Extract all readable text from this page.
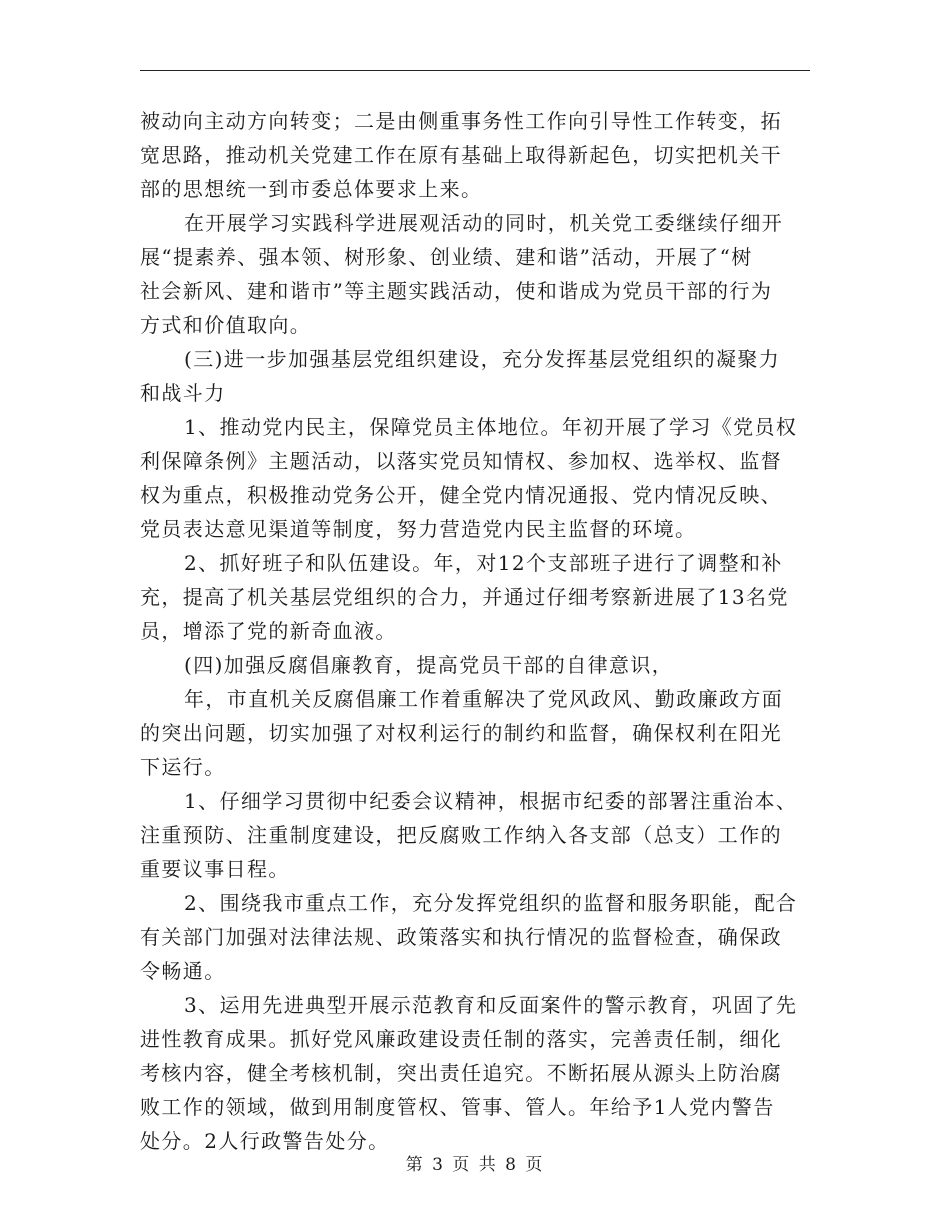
被动向主动方向转变；二是由侧重事务性工作向引导性工作转变，拓
宽思路，推动机关党建工作在原有基础上取得新起色，切实把机关干
部的思想统一到市委总体要求上来。
在开展学习实践科学进展观活动的同时，机关党工委继续仔细开
展“提素养、强本领、树形象、创业绩、建和谐”活动，开展了“树
社会新风、建和谐市”等主题实践活动，使和谐成为党员干部的行为
方式和价值取向。
(三)进一步加强基层党组织建设，充分发挥基层党组织的凝聚力
和战斗力
1、推动党内民主，保障党员主体地位。年初开展了学习《党员权
利保障条例》主题活动，以落实党员知情权、参加权、选举权、监督
权为重点，积极推动党务公开，健全党内情况通报、党内情况反映、
党员表达意见渠道等制度，努力营造党内民主监督的环境。
2、抓好班子和队伍建设。年，对12个支部班子进行了调整和补
充，提高了机关基层党组织的合力，并通过仔细考察新进展了13名党
员，增添了党的新奇血液。
(四)加强反腐倡廉教育，提高党员干部的自律意识，
年，市直机关反腐倡廉工作着重解决了党风政风、勤政廉政方面
的突出问题，切实加强了对权利运行的制约和监督，确保权利在阳光
下运行。
1、仔细学习贯彻中纪委会议精神，根据市纪委的部署注重治本、
注重预防、注重制度建设，把反腐败工作纳入各支部（总支）工作的
重要议事日程。
2、围绕我市重点工作，充分发挥党组织的监督和服务职能，配合
有关部门加强对法律法规、政策落实和执行情况的监督检查，确保政
令畅通。
3、运用先进典型开展示范教育和反面案件的警示教育，巩固了先
进性教育成果。抓好党风廉政建设责任制的落实，完善责任制，细化
考核内容，健全考核机制，突出责任追究。不断拓展从源头上防治腐
败工作的领域，做到用制度管权、管事、管人。年给予1人党内警告
处分。2人行政警告处分。
第 3 页 共 8 页
